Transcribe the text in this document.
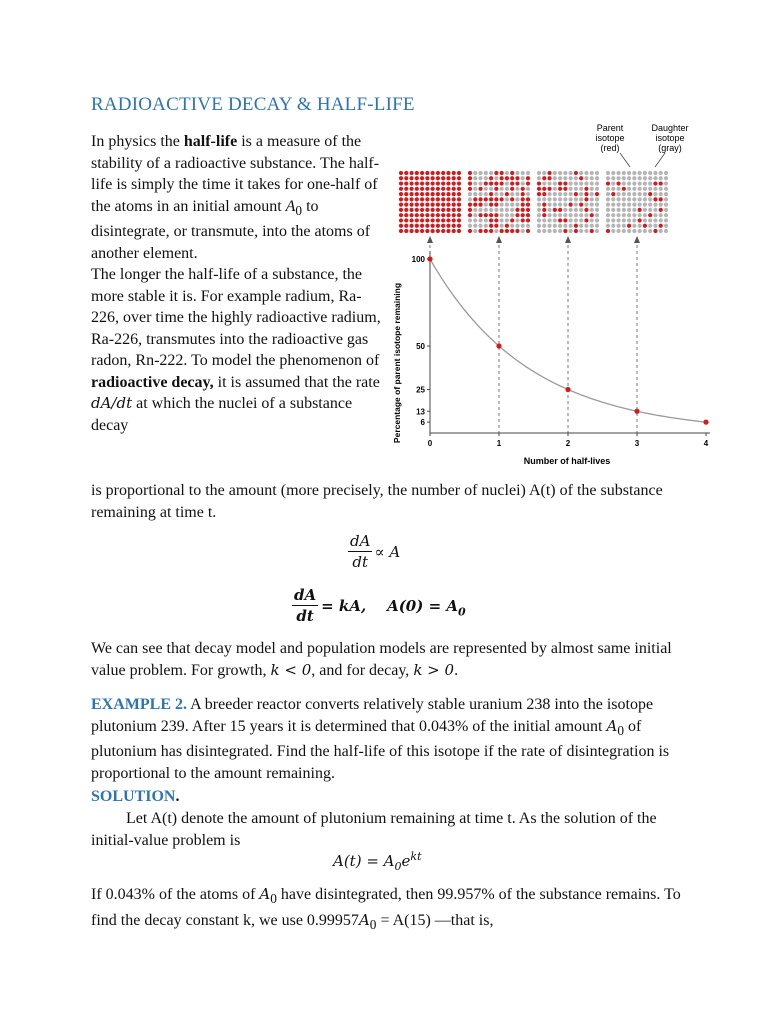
RADIOACTIVE DECAY & HALF-LIFE

In physics the half-life is a measure of the stability of a radioactive substance. The half-life is simply the time it takes for one-half of the atoms in an initial amount $A_0$ to disintegrate, or transmute, into the atoms of another element.
The longer the half-life of a substance, the more stable it is. For example radium, Ra-226, over time the highly radioactive radium, Ra-226, transmutes into the radioactive gas radon, Rn-222. To model the phenomenon of radioactive decay, it is assumed that the rate dA/dt at which the nuclei of a substance decay

is proportional to the amount (more precisely, the number of nuclei) A(t) of the substance remaining at time t.

$\frac{dA}{dt} \propto A$
$\frac{dA}{dt}$ = kA,    $A(0) = A_0$

We can see that decay model and population models are represented by almost same initial value problem. For growth, k < 0, and for decay, k > 0.

EXAMPLE 2. A breeder reactor converts relatively stable uranium 238 into the isotope plutonium 239. After 15 years it is determined that 0.043% of the initial amount $A_0$ of plutonium has disintegrated. Find the half-life of this isotope if the rate of disintegration is proportional to the amount remaining.

SOLUTION.

Let A(t) denote the amount of plutonium remaining at time t. As the solution of the initial-value problem is

$A(t) = A_0e^{kt}$

If 0.043% of the atoms of $A_0$ have disintegrated, then 99.957% of the substance remains. To find the decay constant k, we use $0.99957A_0 = A(15)$ —that is,

Parent
isotope
(red)
Daughter
isotope
(gray)
0	1	2	3	4
100
50
25
13
6
Number of half-lives
Percentage of parent isotope remaining
